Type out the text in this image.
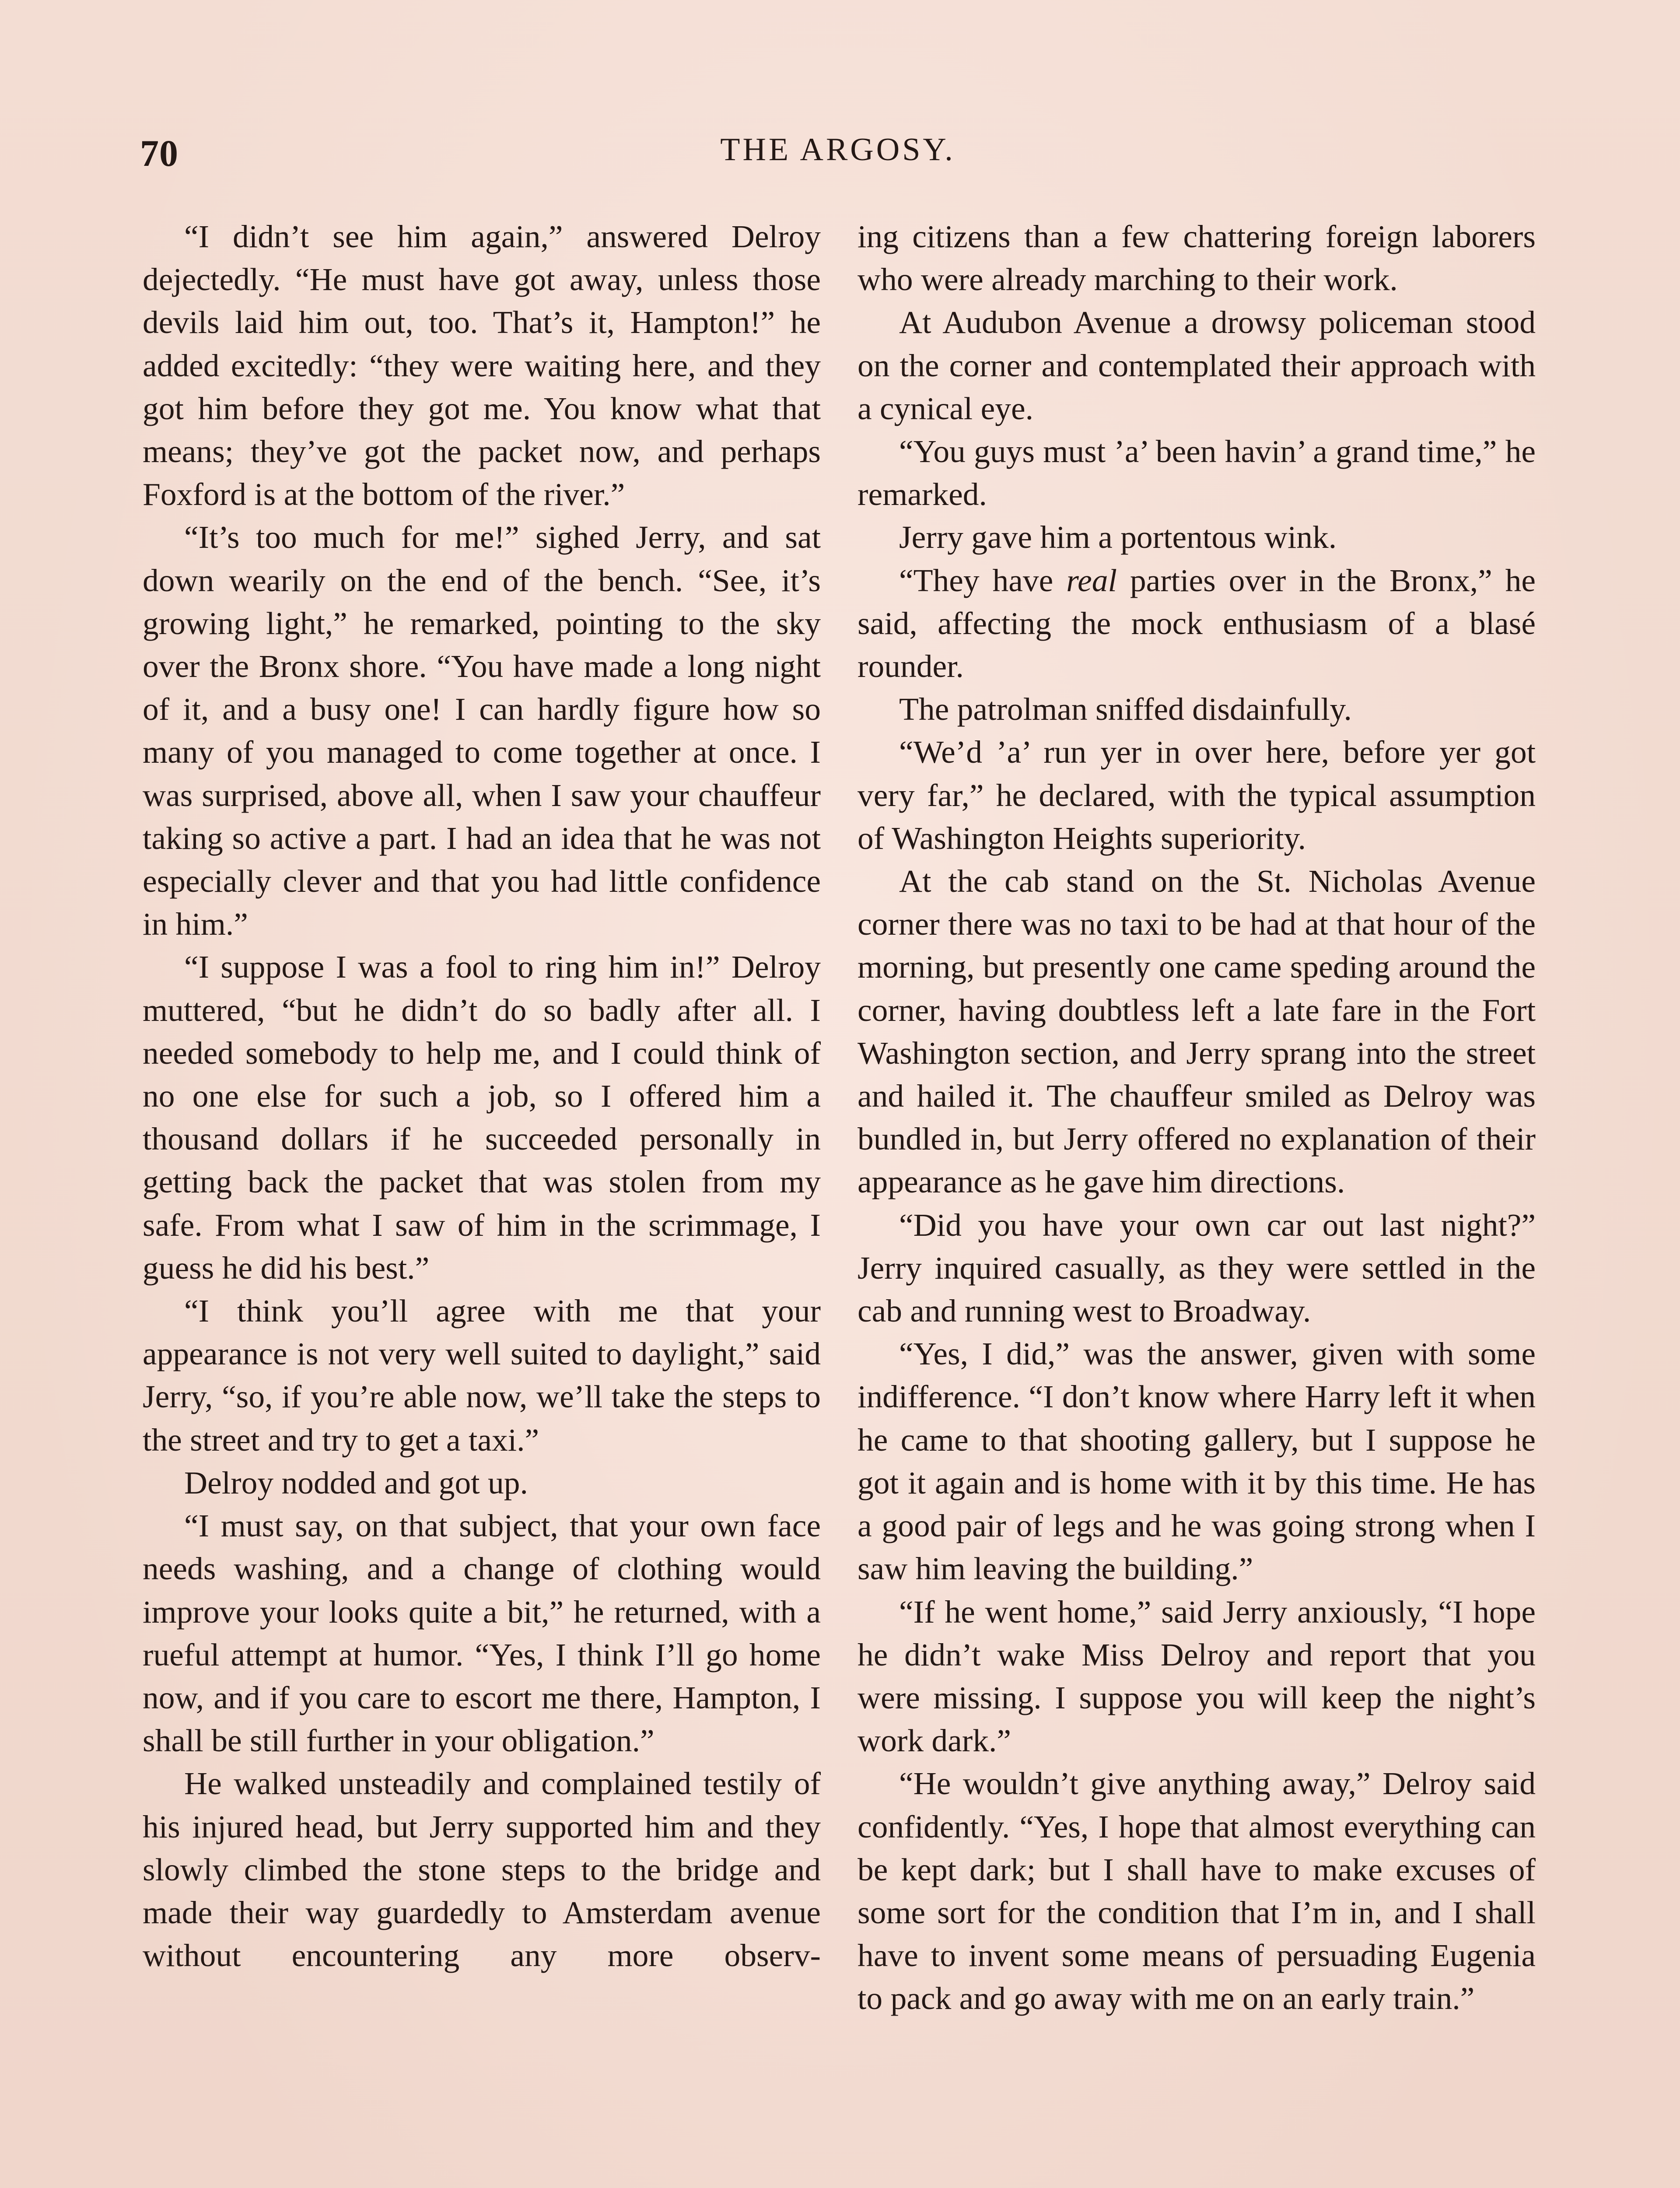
70	THE ARGOSY.

“I didn’t see him again,” answered Delroy dejectedly. “He must have got away, unless those devils laid him out, too. That’s it, Hampton!” he added excitedly: “they were waiting here, and they got him before they got me. You know what that means; they’ve got the packet now, and perhaps Foxford is at the bottom of the river.”

“It’s too much for me!” sighed Jerry, and sat down wearily on the end of the bench. “See, it’s growing light,” he remarked, pointing to the sky over the Bronx shore. “You have made a long night of it, and a busy one! I can hardly figure how so many of you managed to come together at once. I was surprised, above all, when I saw your chauffeur taking so active a part. I had an idea that he was not especially clever and that you had little confidence in him.”

“I suppose I was a fool to ring him in!” Delroy muttered, “but he didn’t do so badly after all. I needed somebody to help me, and I could think of no one else for such a job, so I offered him a thousand dollars if he succeeded personally in getting back the packet that was stolen from my safe. From what I saw of him in the scrimmage, I guess he did his best.”

“I think you’ll agree with me that your appearance is not very well suited to daylight,” said Jerry, “so, if you’re able now, we’ll take the steps to the street and try to get a taxi.”

Delroy nodded and got up.

“I must say, on that subject, that your own face needs washing, and a change of clothing would improve your looks quite a bit,” he returned, with a rueful attempt at humor. “Yes, I think I’ll go home now, and if you care to escort me there, Hampton, I shall be still further in your obligation.”

He walked unsteadily and complained testily of his injured head, but Jerry supported him and they slowly climbed the stone steps to the bridge and made their way guardedly to Amsterdam avenue without encountering any more observ-

ing citizens than a few chattering foreign laborers who were already marching to their work.

At Audubon Avenue a drowsy policeman stood on the corner and contemplated their approach with a cynical eye.

“You guys must ’a’ been havin’ a grand time,” he remarked.

Jerry gave him a portentous wink.

“They have real parties over in the Bronx,” he said, affecting the mock enthusiasm of a blasé rounder.

The patrolman sniffed disdainfully.

“We’d ’a’ run yer in over here, before yer got very far,” he declared, with the typical assumption of Washington Heights superiority.

At the cab stand on the St. Nicholas Avenue corner there was no taxi to be had at that hour of the morning, but presently one came speding around the corner, having doubtless left a late fare in the Fort Washington section, and Jerry sprang into the street and hailed it. The chauffeur smiled as Delroy was bundled in, but Jerry offered no explanation of their appearance as he gave him directions.

“Did you have your own car out last night?” Jerry inquired casually, as they were settled in the cab and running west to Broadway.

“Yes, I did,” was the answer, given with some indifference. “I don’t know where Harry left it when he came to that shooting gallery, but I suppose he got it again and is home with it by this time. He has a good pair of legs and he was going strong when I saw him leaving the building.”

“If he went home,” said Jerry anxiously, “I hope he didn’t wake Miss Delroy and report that you were missing. I suppose you will keep the night’s work dark.”

“He wouldn’t give anything away,” Delroy said confidently. “Yes, I hope that almost everything can be kept dark; but I shall have to make excuses of some sort for the condition that I’m in, and I shall have to invent some means of persuading Eugenia to pack and go away with me on an early train.”
